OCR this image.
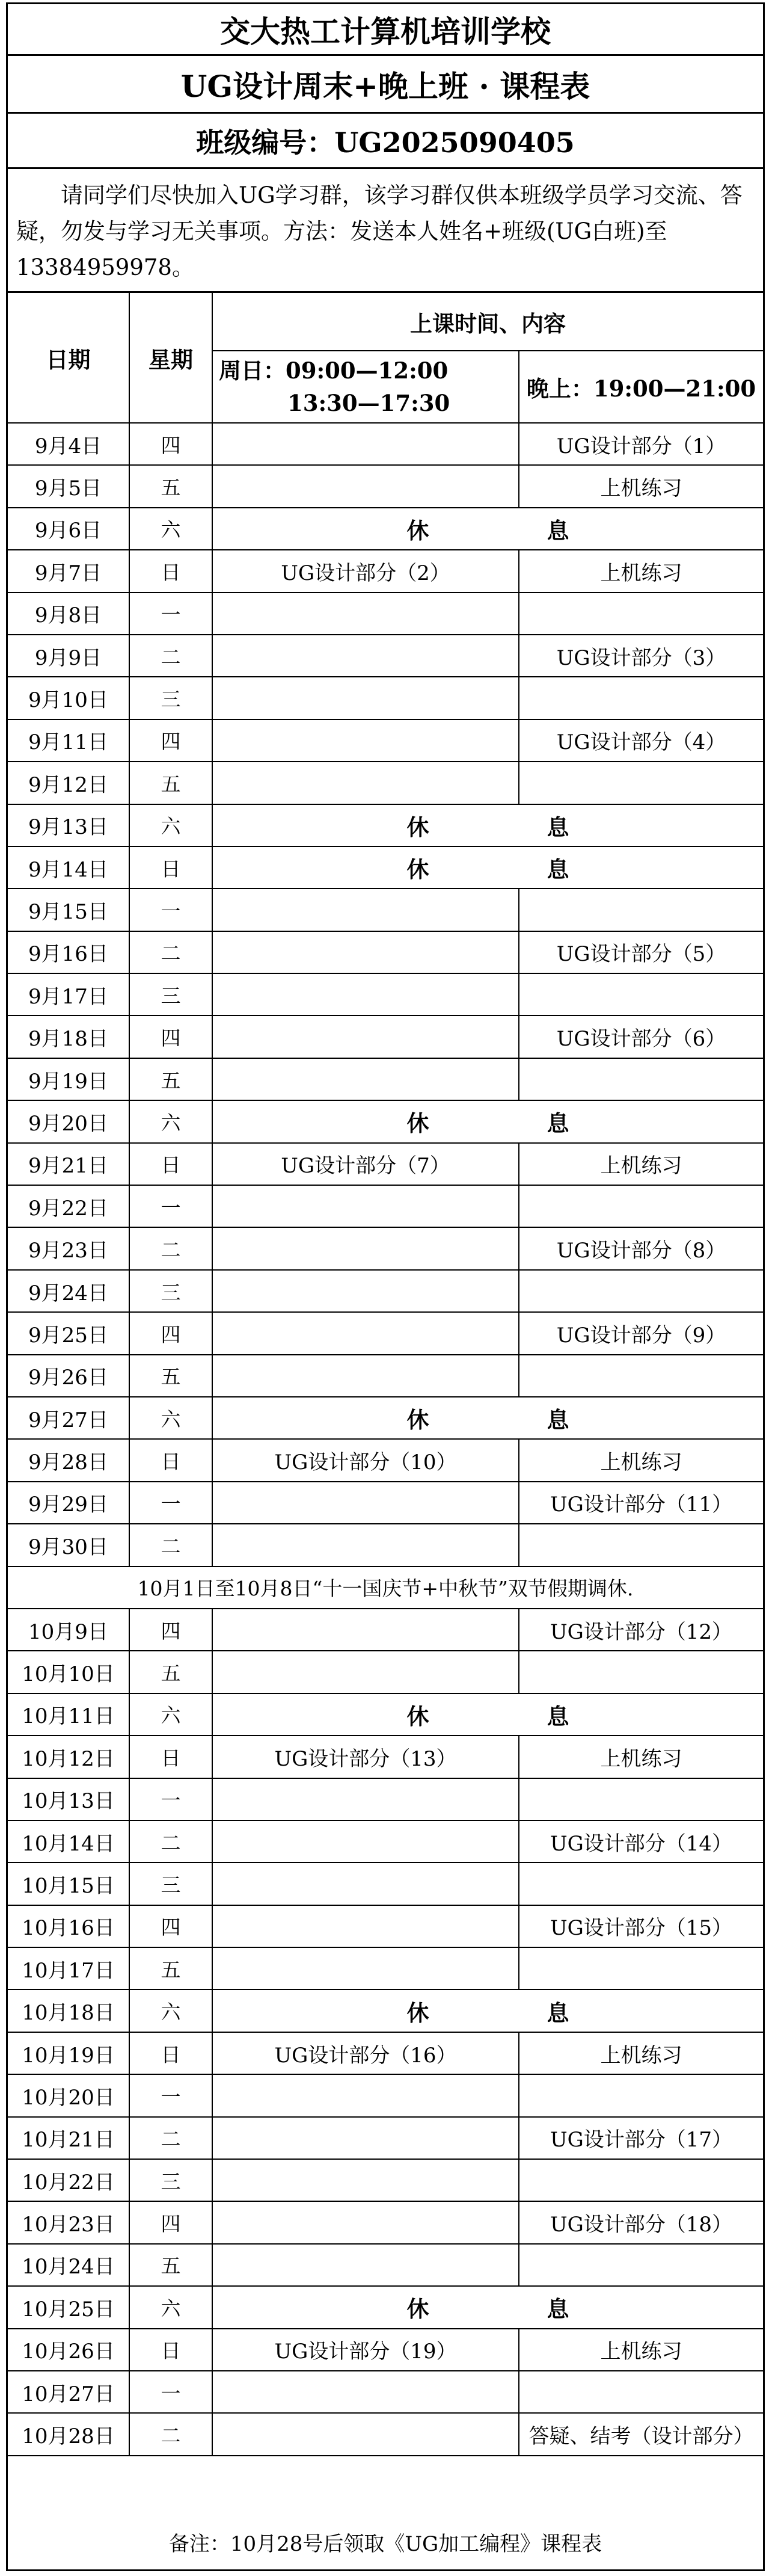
交大热工计算机培训学校
UG设计周末+晚上班 · 课程表
班级编号：UG2025090405
请同学们尽快加入UG学习群，该学习群仅供本班级学员学习交流、答疑，勿发与学习无关事项。方法：发送本人姓名+班级(UG白班)至13384959978。
日期	星期	上课时间、内容	

		周日：09:00—12:00
13:30—17:30	晚上：19:00—21:00
9月4日	四		UG设计部分（1）
9月5日	五		上机练习
9月6日	六	休 息	
9月7日	日	UG设计部分（2）	上机练习
9月8日	一		
9月9日	二		UG设计部分（3）
9月10日	三		
9月11日	四		UG设计部分（4）
9月12日	五		
9月13日	六	休 息	
9月14日	日	休 息	
9月15日	一		
9月16日	二		UG设计部分（5）
9月17日	三		
9月18日	四		UG设计部分（6）
9月19日	五		
9月20日	六	休 息	
9月21日	日	UG设计部分（7）	上机练习
9月22日	一		
9月23日	二		UG设计部分（8）
9月24日	三		
9月25日	四		UG设计部分（9）
9月26日	五		
9月27日	六	休 息	
9月28日	日	UG设计部分（10）	上机练习
9月29日	一		UG设计部分（11）
9月30日	二		
10月1日至10月8日“十一国庆节+中秋节”双节假期调休.			
10月9日	四		UG设计部分（12）
10月10日	五		
10月11日	六	休 息	
10月12日	日	UG设计部分（13）	上机练习
10月13日	一		
10月14日	二		UG设计部分（14）
10月15日	三		
10月16日	四		UG设计部分（15）
10月17日	五		
10月18日	六	休 息	
10月19日	日	UG设计部分（16）	上机练习
10月20日	一		
10月21日	二		UG设计部分（17）
10月22日	三		
10月23日	四		UG设计部分（18）
10月24日	五		
10月25日	六	休 息	
10月26日	日	UG设计部分（19）	上机练习
10月27日	一		
10月28日	二		答疑、结考（设计部分）
备注：10月28号后领取《UG加工编程》课程表
